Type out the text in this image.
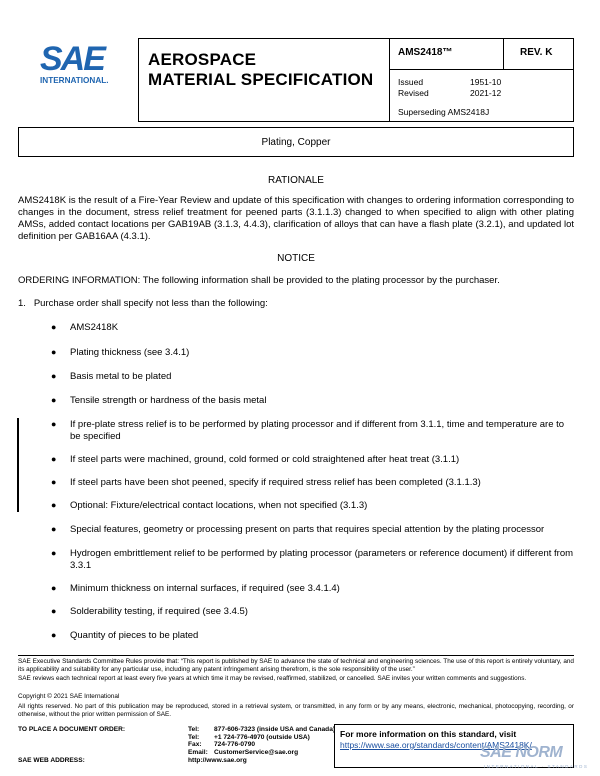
SAE
INTERNATIONAL.
AEROSPACE
MATERIAL SPECIFICATION
AMS2418™	REV. K
Issued	1951-10
Revised	2021-12
Superseding AMS2418J
Plating, Copper
RATIONALE
AMS2418K is the result of a Fire-Year Review and update of this specification with changes to ordering information corresponding to changes in the document, stress relief treatment for peened parts (3.1.1.3) changed to when specified to align with other plating AMSs, added contact locations per GAB19AB (3.1.3, 4.4.3), clarification of alloys that can have a flash plate (3.2.1), and updated lot definition per GAB16AA (4.3.1).
NOTICE
ORDERING INFORMATION: The following information shall be provided to the plating processor by the purchaser.
1.   Purchase order shall specify not less than the following:
● AMS2418K
● Plating thickness (see 3.4.1)
● Basis metal to be plated
● Tensile strength or hardness of the basis metal
● If pre-plate stress relief is to be performed by plating processor and if different from 3.1.1, time and temperature are to be specified
● If steel parts were machined, ground, cold formed or cold straightened after heat treat (3.1.1)
● If steel parts have been shot peened, specify if required stress relief has been completed (3.1.1.3)
● Optional: Fixture/electrical contact locations, when not specified (3.1.3)
● Special features, geometry or processing present on parts that requires special attention by the plating processor
● Hydrogen embrittlement relief to be performed by plating processor (parameters or reference document) if different from 3.3.1
● Minimum thickness on internal surfaces, if required (see 3.4.1.4)
● Solderability testing, if required (see 3.4.5)
● Quantity of pieces to be plated
SAE Executive Standards Committee Rules provide that: “This report is published by SAE to advance the state of technical and engineering sciences. The use of this report is entirely voluntary, and its applicability and suitability for any particular use, including any patent infringement arising therefrom, is the sole responsibility of the user.”
SAE reviews each technical report at least every five years at which time it may be revised, reaffirmed, stabilized, or cancelled. SAE invites your written comments and suggestions.
Copyright © 2021 SAE International
All rights reserved. No part of this publication may be reproduced, stored in a retrieval system, or transmitted, in any form or by any means, electronic, mechanical, photocopying, recording, or otherwise, without the prior written permission of SAE.
TO PLACE A DOCUMENT ORDER:	Tel: 877-606-7323 (inside USA and Canada)
Tel: +1 724-776-4970 (outside USA)
Fax: 724-776-0790
Email: CustomerService@sae.org
SAE WEB ADDRESS:	http://www.sae.org
For more information on this standard, visit
https://www.sae.org/standards/content/AMS2418K/
SAE NORM
INTERNATIONAL · STANDARDS
